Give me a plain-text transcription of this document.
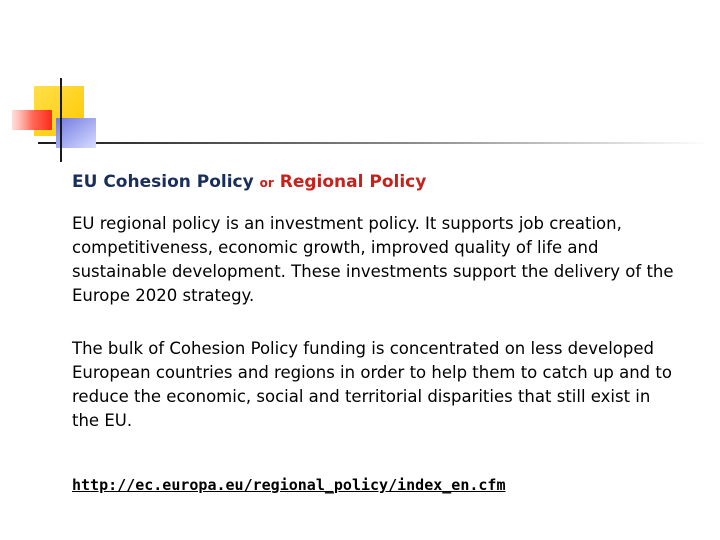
EU Cohesion Policy or Regional Policy

EU regional policy is an investment policy. It supports job creation, competitiveness, economic growth, improved quality of life and sustainable development. These investments support the delivery of the Europe 2020 strategy.

The bulk of Cohesion Policy funding is concentrated on less developed European countries and regions in order to help them to catch up and to reduce the economic, social and territorial disparities that still exist in the EU.

http://ec.europa.eu/regional_policy/index_en.cfm
